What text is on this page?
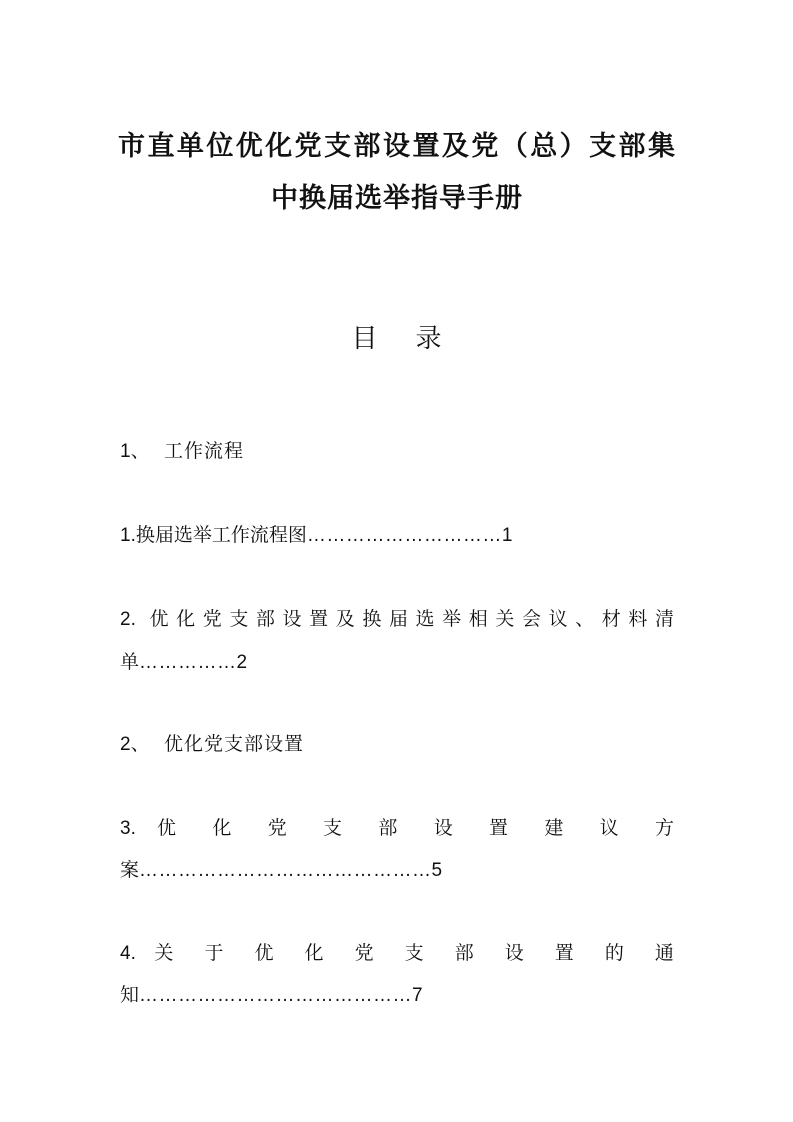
市直单位优化党支部设置及党（总）支部集
中换届选举指导手册
目 录
1、 工作流程
1.换届选举工作流程图…………………………1
2. 优化党支部设置及换届选举相关会议、材料清
单……………2
2、 优化党支部设置
3. 优 化 党 支 部 设 置 建 议 方
案………………………………………5
4. 关 于 优 化 党 支 部 设 置 的 通
知……………………………………7
